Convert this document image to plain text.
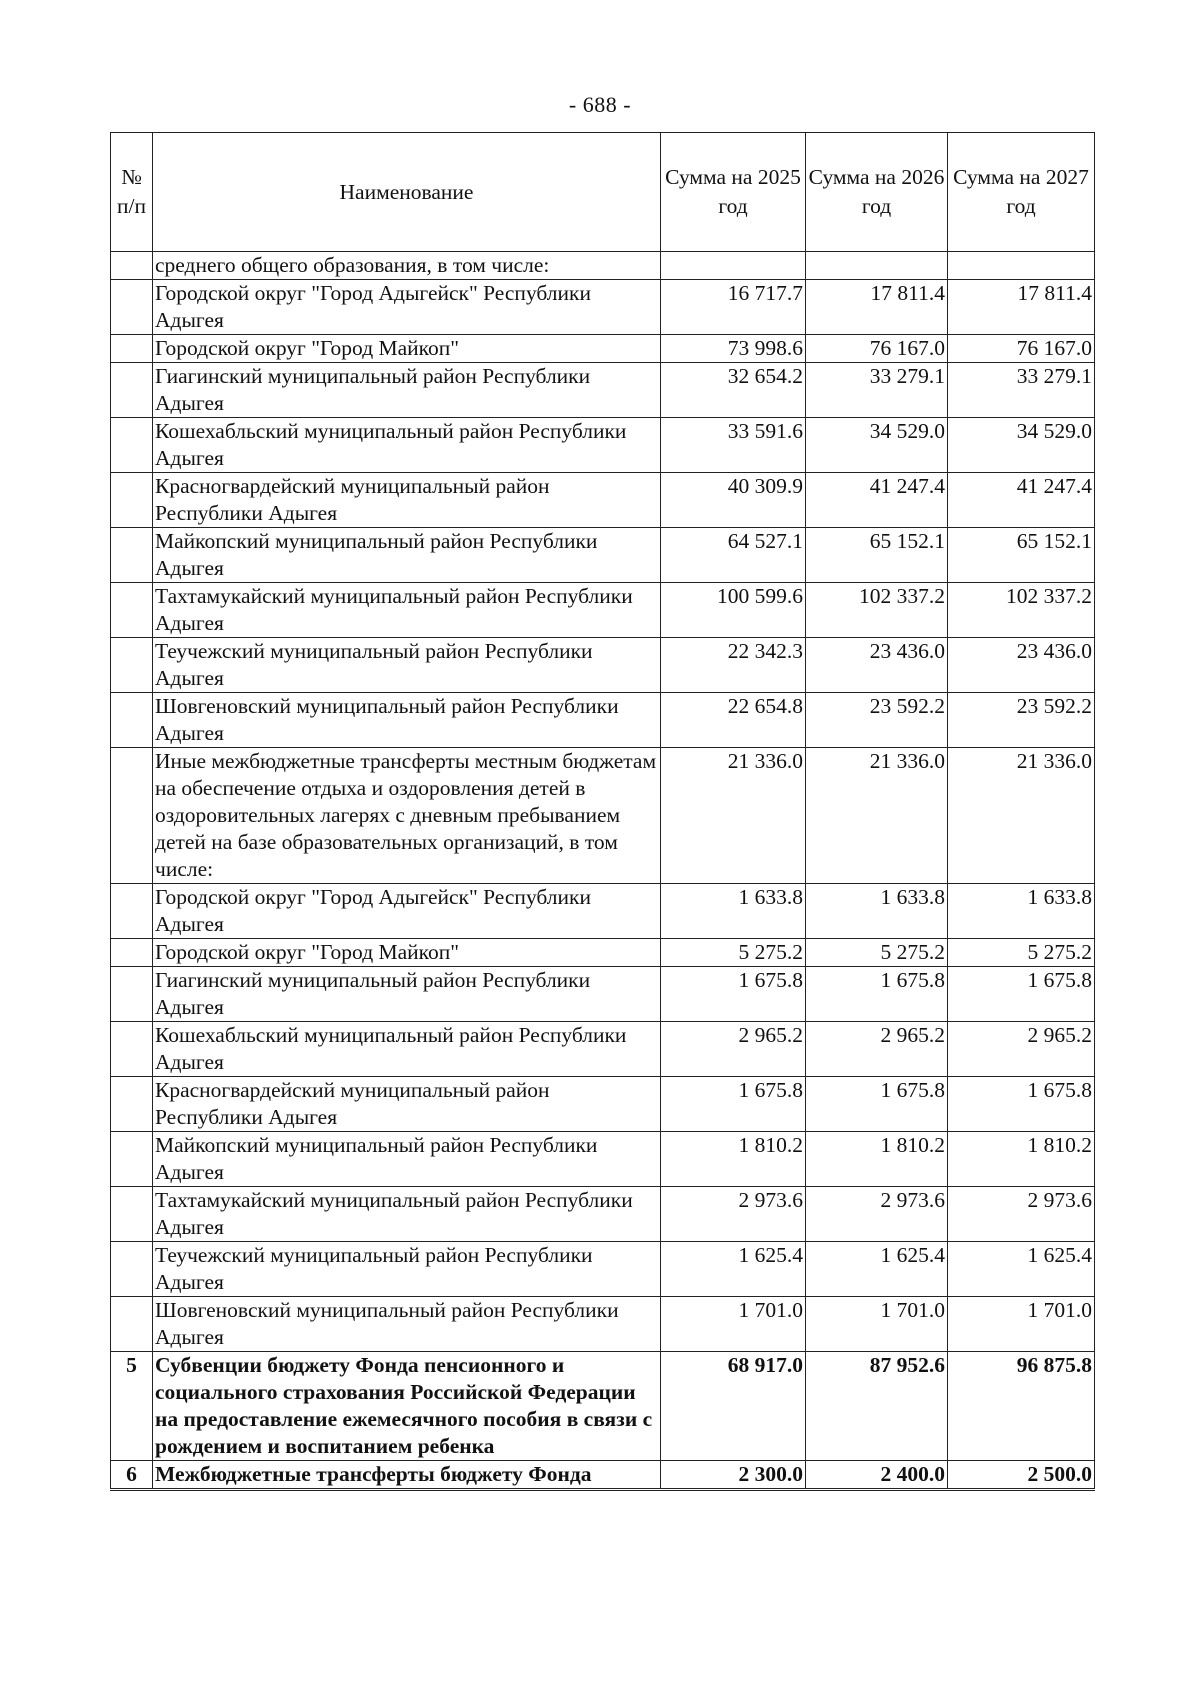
- 688 -
№ п/п	Наименование	Сумма на 2025 год	Сумма на 2026 год	Сумма на 2027 год
	среднего общего образования, в том числе:			
	Городской округ "Город Адыгейск" Республики Адыгея	16 717.7	17 811.4	17 811.4
	Городской округ "Город Майкоп"	73 998.6	76 167.0	76 167.0
	Гиагинский муниципальный район Республики Адыгея	32 654.2	33 279.1	33 279.1
	Кошехабльский муниципальный район Республики Адыгея	33 591.6	34 529.0	34 529.0
	Красногвардейский муниципальный район Республики Адыгея	40 309.9	41 247.4	41 247.4
	Майкопский муниципальный район Республики Адыгея	64 527.1	65 152.1	65 152.1
	Тахтамукайский муниципальный район Республики Адыгея	100 599.6	102 337.2	102 337.2
	Теучежский муниципальный район Республики Адыгея	22 342.3	23 436.0	23 436.0
	Шовгеновский муниципальный район Республики Адыгея	22 654.8	23 592.2	23 592.2
	Иные межбюджетные трансферты местным бюджетам на обеспечение отдыха и оздоровления детей в оздоровительных лагерях с дневным пребыванием детей на базе образовательных организаций, в том числе:	21 336.0	21 336.0	21 336.0
	Городской округ "Город Адыгейск" Республики Адыгея	1 633.8	1 633.8	1 633.8
	Городской округ "Город Майкоп"	5 275.2	5 275.2	5 275.2
	Гиагинский муниципальный район Республики Адыгея	1 675.8	1 675.8	1 675.8
	Кошехабльский муниципальный район Республики Адыгея	2 965.2	2 965.2	2 965.2
	Красногвардейский муниципальный район Республики Адыгея	1 675.8	1 675.8	1 675.8
	Майкопский муниципальный район Республики Адыгея	1 810.2	1 810.2	1 810.2
	Тахтамукайский муниципальный район Республики Адыгея	2 973.6	2 973.6	2 973.6
	Теучежский муниципальный район Республики Адыгея	1 625.4	1 625.4	1 625.4
	Шовгеновский муниципальный район Республики Адыгея	1 701.0	1 701.0	1 701.0
5	Субвенции бюджету Фонда пенсионного и социального страхования Российской Федерации на предоставление ежемесячного пособия в связи с рождением и воспитанием ребенка	68 917.0	87 952.6	96 875.8
6	Межбюджетные трансферты бюджету Фонда	2 300.0	2 400.0	2 500.0
